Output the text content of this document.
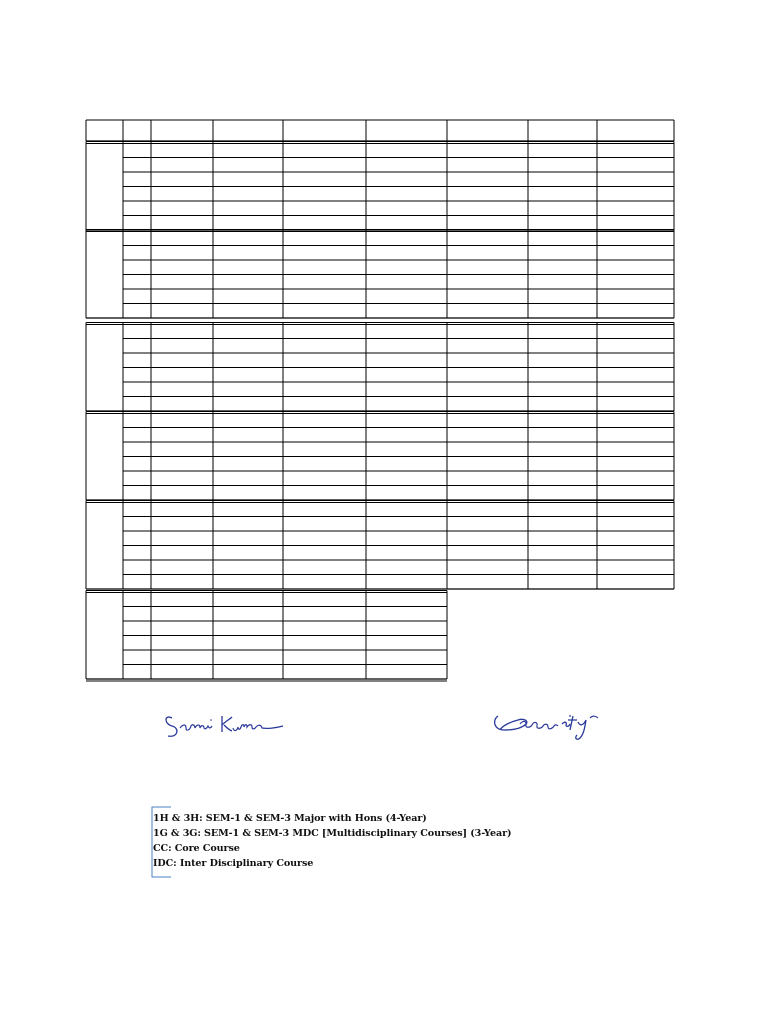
1H & 3H: SEM-1 & SEM-3 Major with Hons (4-Year)
1G & 3G: SEM-1 & SEM-3 MDC [Multidisciplinary Courses] (3-Year)
CC: Core Course
IDC: Inter Disciplinary Course
